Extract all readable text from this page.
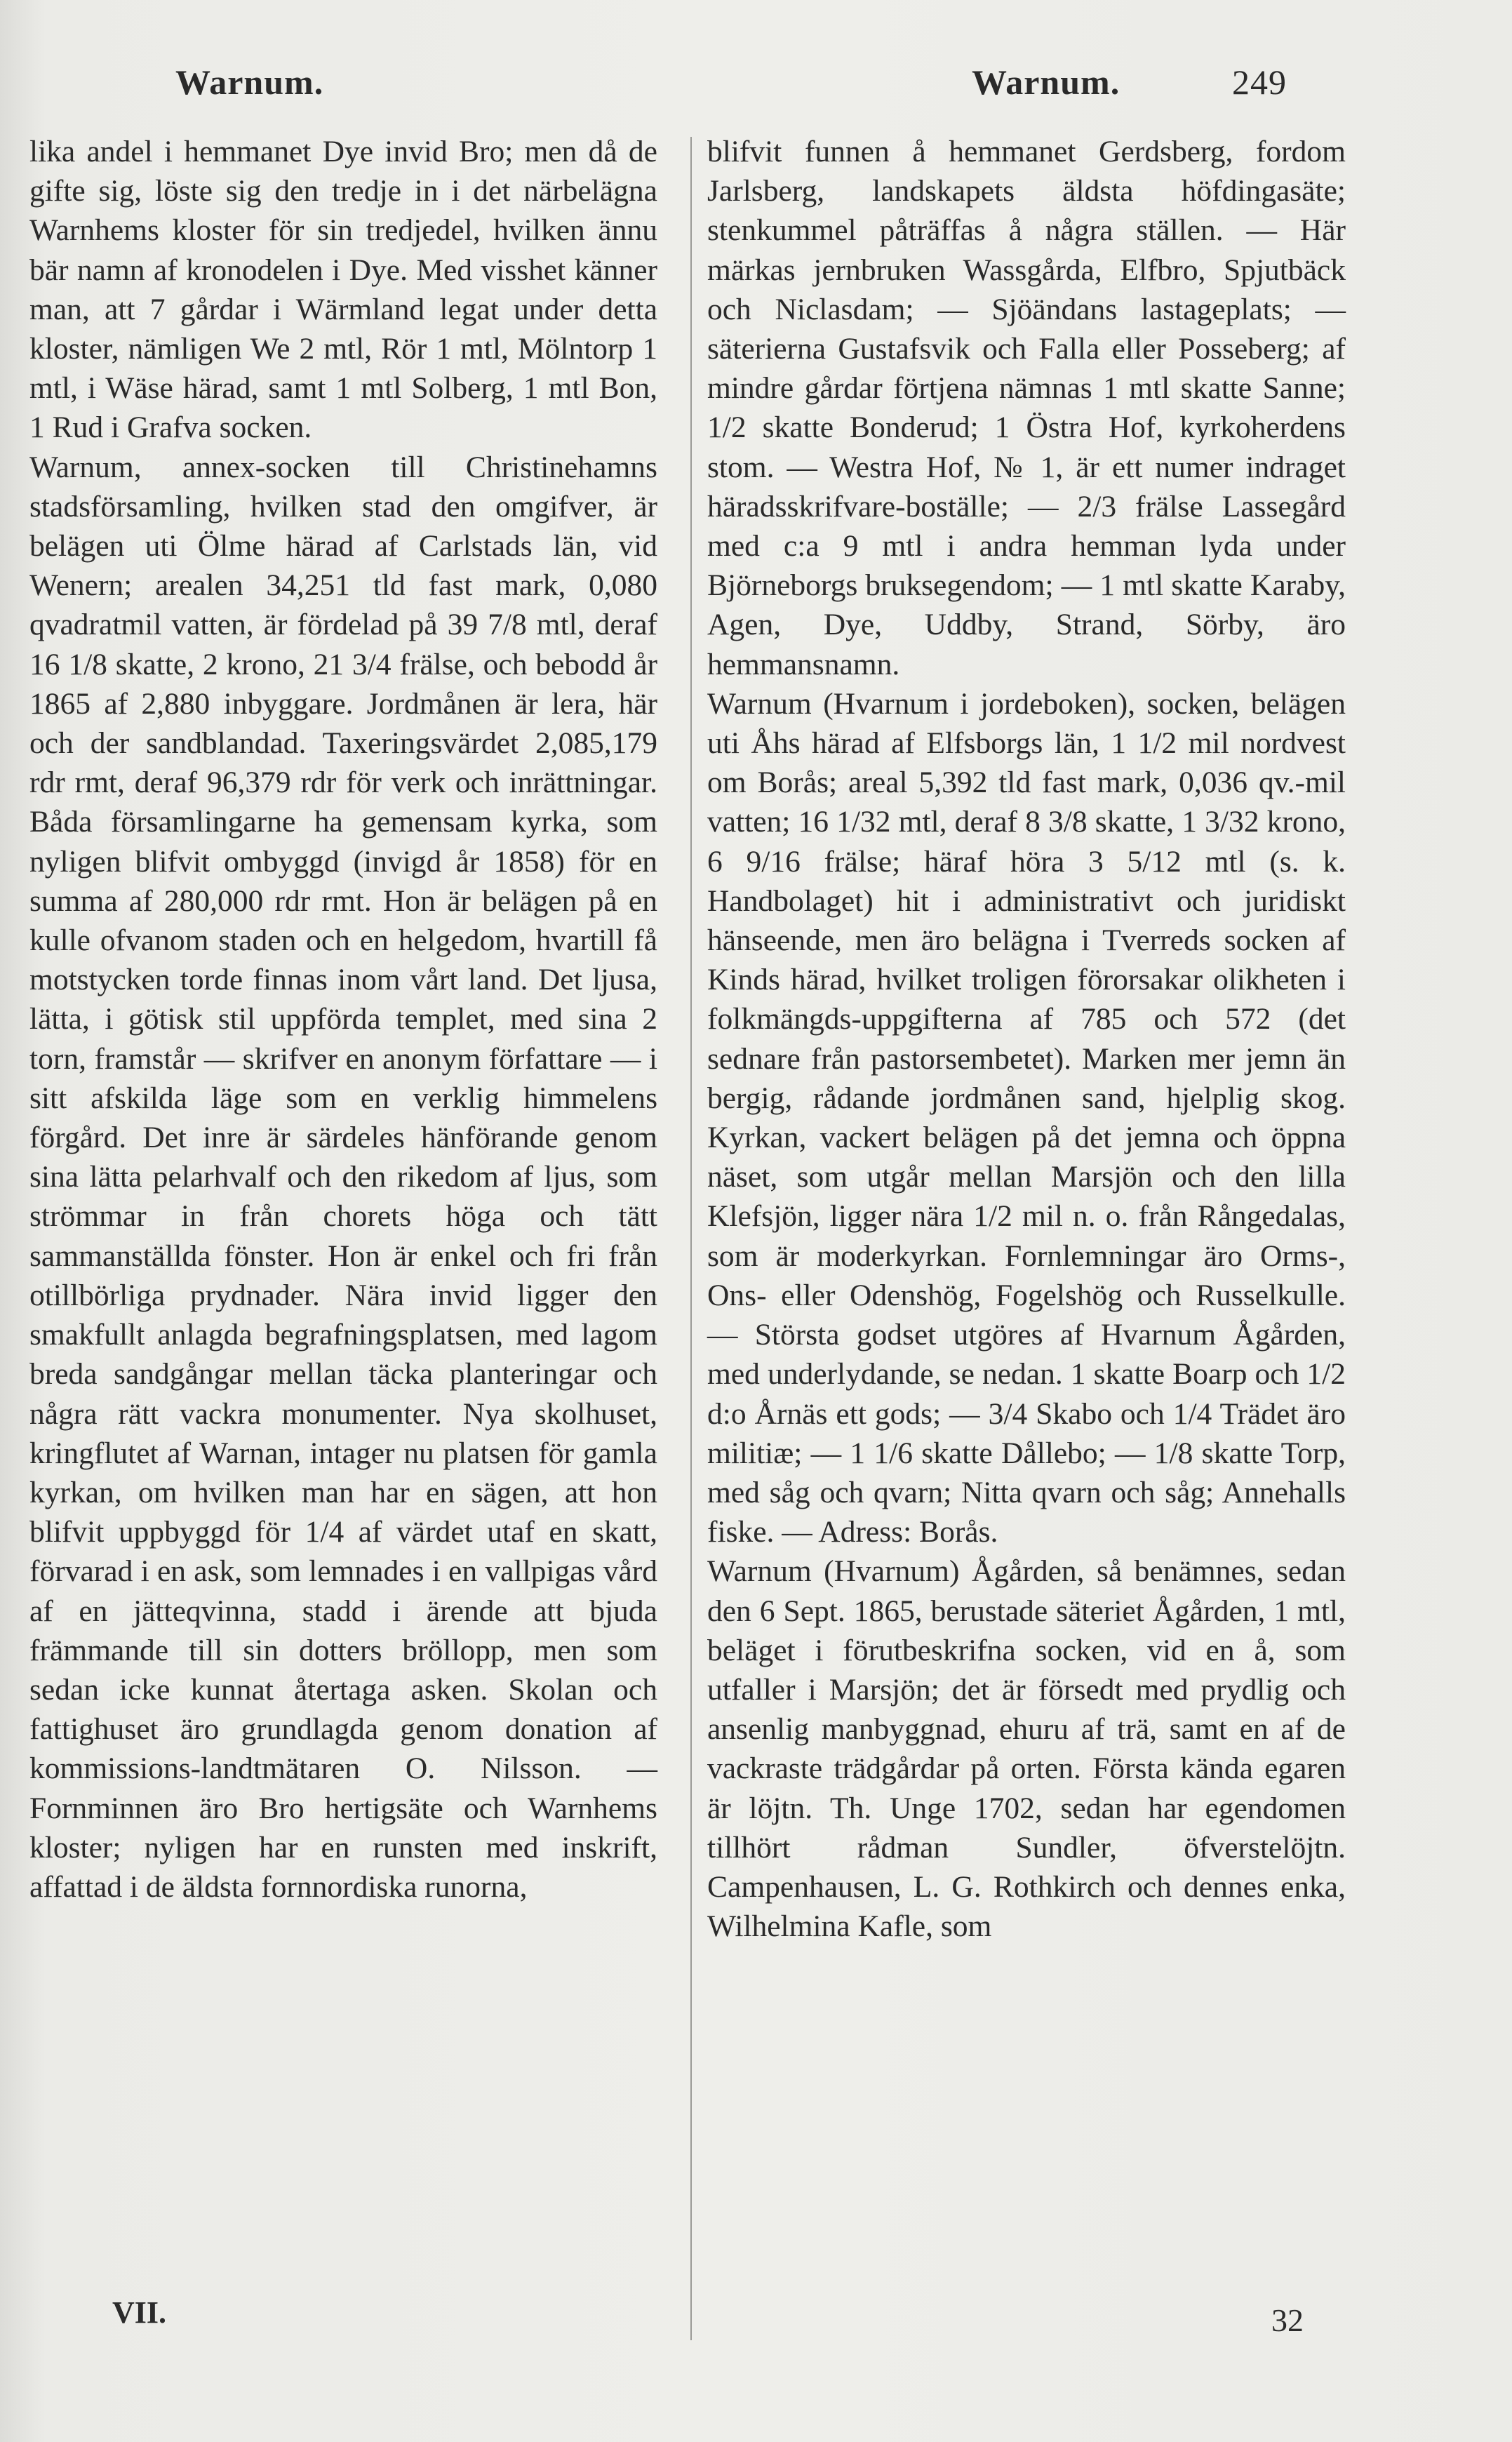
Warnum.	Warnum.	249

lika andel i hemmanet Dye invid Bro; men då de gifte sig, löste sig den tredje in i det närbelägna Warnhems kloster för sin tredjedel, hvilken ännu bär namn af kronodelen i Dye. Med visshet känner man, att 7 gårdar i Wärmland legat under detta kloster, nämligen We 2 mtl, Rör 1 mtl, Mölntorp 1 mtl, i Wäse härad, samt 1 mtl Solberg, 1 mtl Bon, 1 Rud i Grafva socken.

Warnum, annex-socken till Christinehamns stadsförsamling, hvilken stad den omgifver, är belägen uti Ölme härad af Carlstads län, vid Wenern; arealen 34,251 tld fast mark, 0,080 qvadratmil vatten, är fördelad på 39 7/8 mtl, deraf 16 1/8 skatte, 2 krono, 21 3/4 frälse, och bebodd år 1865 af 2,880 inbyggare. Jordmånen är lera, här och der sandblandad. Taxeringsvärdet 2,085,179 rdr rmt, deraf 96,379 rdr för verk och inrättningar. Båda församlingarne ha gemensam kyrka, som nyligen blifvit ombyggd (invigd år 1858) för en summa af 280,000 rdr rmt. Hon är belägen på en kulle ofvanom staden och en helgedom, hvartill få motstycken torde finnas inom vårt land. Det ljusa, lätta, i götisk stil uppförda templet, med sina 2 torn, framstår — skrifver en anonym författare — i sitt afskilda läge som en verklig himmelens förgård. Det inre är särdeles hänförande genom sina lätta pelarhvalf och den rikedom af ljus, som strömmar in från chorets höga och tätt sammanställda fönster. Hon är enkel och fri från otillbörliga prydnader. Nära invid ligger den smakfullt anlagda begrafningsplatsen, med lagom breda sandgångar mellan täcka planteringar och några rätt vackra monumenter. Nya skolhuset, kringflutet af Warnan, intager nu platsen för gamla kyrkan, om hvilken man har en sägen, att hon blifvit uppbyggd för 1/4 af värdet utaf en skatt, förvarad i en ask, som lemnades i en vallpigas vård af en jätteqvinna, stadd i ärende att bjuda främmande till sin dotters bröllopp, men som sedan icke kunnat återtaga asken. Skolan och fattighuset äro grundlagda genom donation af kommissions-landtmätaren O. Nilsson. — Fornminnen äro Bro hertigsäte och Warnhems kloster; nyligen har en runsten med inskrift, affattad i de äldsta fornnordiska runorna,

blifvit funnen å hemmanet Gerdsberg, fordom Jarlsberg, landskapets äldsta höfdingasäte; stenkummel påträffas å några ställen. — Här märkas jernbruken Wassgårda, Elfbro, Spjutbäck och Niclasdam; — Sjöändans lastageplats; — säterierna Gustafsvik och Falla eller Posseberg; af mindre gårdar förtjena nämnas 1 mtl skatte Sanne; 1/2 skatte Bonderud; 1 Östra Hof, kyrkoherdens stom. — Westra Hof, № 1, är ett numer indraget häradsskrifvare-boställe; — 2/3 frälse Lassegård med c:a 9 mtl i andra hemman lyda under Björneborgs bruksegendom; — 1 mtl skatte Karaby, Agen, Dye, Uddby, Strand, Sörby, äro hemmansnamn.

Warnum (Hvarnum i jordeboken), socken, belägen uti Åhs härad af Elfsborgs län, 1 1/2 mil nordvest om Borås; areal 5,392 tld fast mark, 0,036 qv.-mil vatten; 16 1/32 mtl, deraf 8 3/8 skatte, 1 3/32 krono, 6 9/16 frälse; häraf höra 3 5/12 mtl (s. k. Handbolaget) hit i administrativt och juridiskt hänseende, men äro belägna i Tverreds socken af Kinds härad, hvilket troligen förorsakar olikheten i folkmängds-uppgifterna af 785 och 572 (det sednare från pastorsembetet). Marken mer jemn än bergig, rådande jordmånen sand, hjelplig skog. Kyrkan, vackert belägen på det jemna och öppna näset, som utgår mellan Marsjön och den lilla Klefsjön, ligger nära 1/2 mil n. o. från Rångedalas, som är moderkyrkan. Fornlemningar äro Orms-, Ons- eller Odenshög, Fogelshög och Russelkulle. — Största godset utgöres af Hvarnum Ågården, med underlydande, se nedan. 1 skatte Boarp och 1/2 d:o Årnäs ett gods; — 3/4 Skabo och 1/4 Trädet äro militiæ; — 1 1/6 skatte Dållebo; — 1/8 skatte Torp, med såg och qvarn; Nitta qvarn och såg; Annehalls fiske. — Adress: Borås.

Warnum (Hvarnum) Ågården, så benämnes, sedan den 6 Sept. 1865, berustade säteriet Ågården, 1 mtl, beläget i förutbeskrifna socken, vid en å, som utfaller i Marsjön; det är försedt med prydlig och ansenlig manbyggnad, ehuru af trä, samt en af de vackraste trädgårdar på orten. Första kända egaren är löjtn. Th. Unge 1702, sedan har egendomen tillhört rådman Sundler, öfverstelöjtn. Campenhausen, L. G. Rothkirch och dennes enka, Wilhelmina Kafle, som

VII.	32
